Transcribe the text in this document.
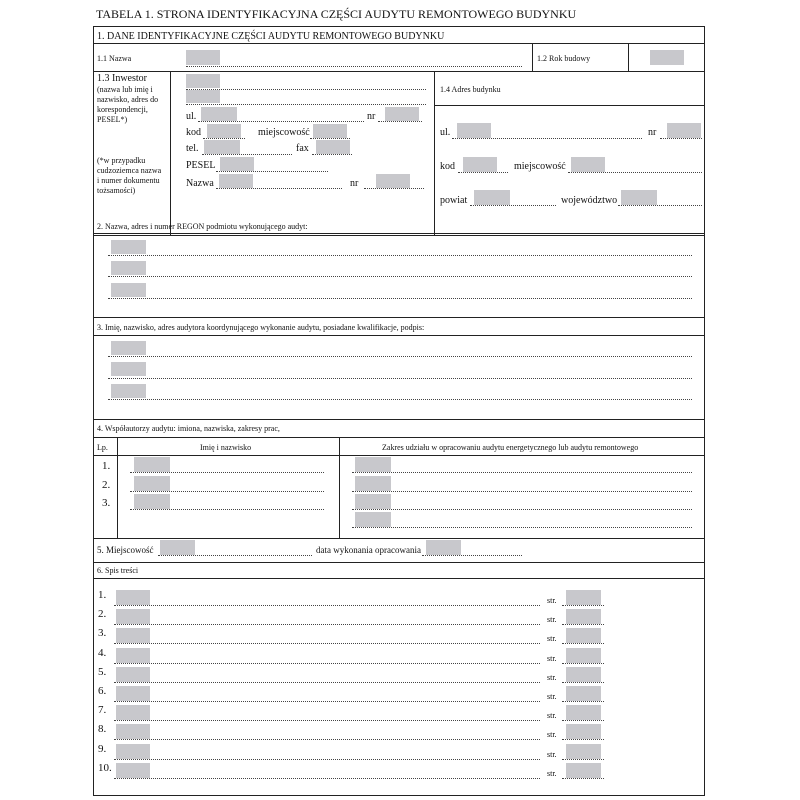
TABELA 1. STRONA IDENTYFIKACYJNA CZĘŚCI AUDYTU REMONTOWEGO BUDYNKU
1. DANE IDENTYFIKACYJNE CZĘŚCI AUDYTU REMONTOWEGO BUDYNKU
1.1 Nazwa	1.2 Rok budowy
1.3 Inwestor
(nazwa lub imię i nazwisko, adres do korespondencji, PESEL*)
(*w przypadku cudzoziemca nazwa i numer dokumentu tożsamości)
ul.	nr
kod	miejscowość
tel.	fax
PESEL
Nazwa	nr
1.4 Adres budynku
ul.	nr
kod	miejscowość
powiat	województwo
2. Nazwa, adres i numer REGON podmiotu wykonującego audyt:
3. Imię, nazwisko, adres audytora koordynującego wykonanie audytu, posiadane kwalifikacje, podpis:
4. Współautorzy audytu: imiona, nazwiska, zakresy prac,
Lp.	Imię i nazwisko	Zakres udziału w opracowaniu audytu energetycznego lub audytu remontowego
1.
2.
3.
5. Miejscowość	data wykonania opracowania
6. Spis treści
1.	str.
2.	str.
3.	str.
4.	str.
5.	str.
6.	str.
7.	str.
8.	str.
9.	str.
10.	str.
